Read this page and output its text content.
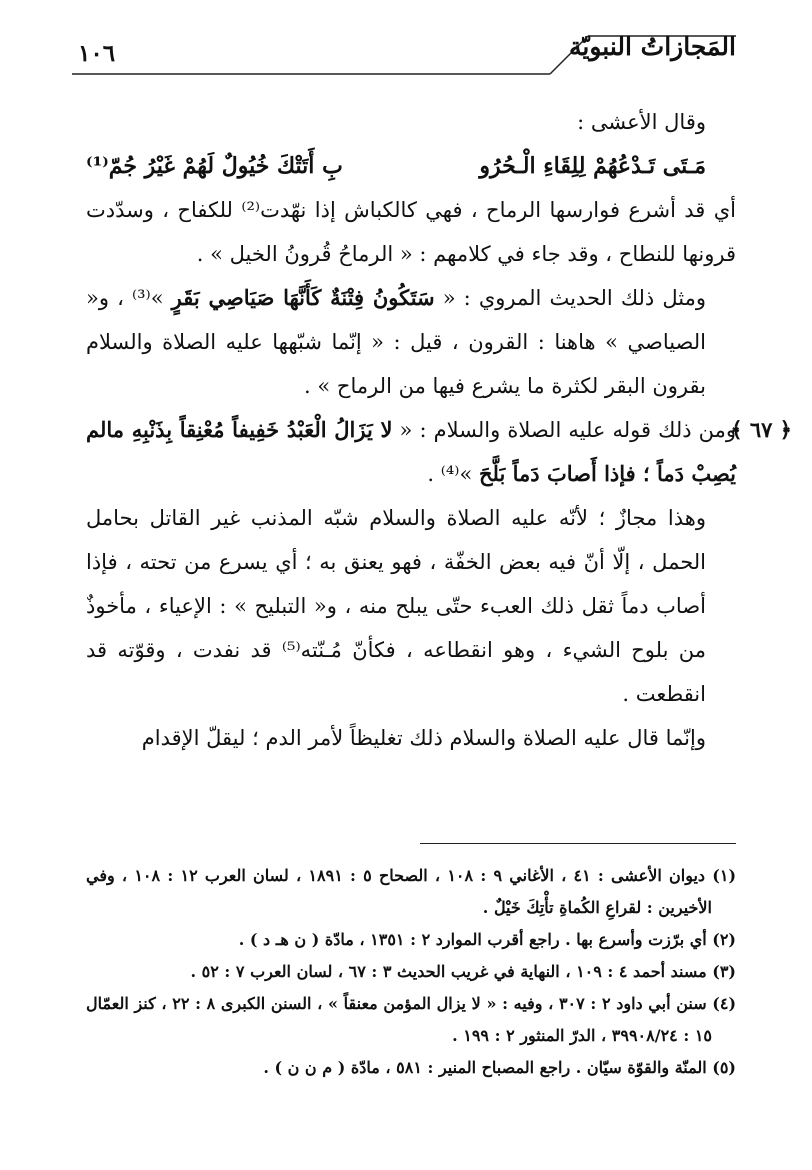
المَجازاتُ النبويّة
١٠٦

وقال الأعشى :

مَـتَى تَـدْعُهُمْ لِلِقَاءِ الْـحُرُو
بِ أَتَتْكَ خُيُولٌ لَهُمْ غَيْرُ جُمّ⁽¹⁾

أي قد أشرع فوارسها الرماح ، فهي كالكباش إذا نهّدت⁽²⁾ للكفاح ، وسدّدت قرونها للنطاح ، وقد جاء في كلامهم : « الرماحُ قُرونُ الخيل » .

ومثل ذلك الحديث المروي : « سَتَكُونُ فِتْنَةٌ كَأَنَّهَا صَيَاصِي بَقَرٍ »⁽³⁾ ، و« الصياصي » هاهنا : القرون ، قيل : « إنّما شبّهها عليه الصلاة والسلام بقرون البقر لكثرة ما يشرع فيها من الرماح » .

﴿ ٦٧ ﴾
ومن ذلك قوله عليه الصلاة والسلام : « لا يَزَالُ الْعَبْدُ خَفِيفاً مُعْنِقاً بِذَنْبِهِ مالم يُصِبْ دَماً ؛ فإذا أَصابَ دَماً بَلَّحَ »⁽⁴⁾ .

وهذا مجازٌ ؛ لأنّه عليه الصلاة والسلام شبّه المذنب غير القاتل بحامل الحمل ، إلّا أنّ فيه بعض الخفّة ، فهو يعنق به ؛ أي يسرع من تحته ، فإذا أصاب دماً ثقل ذلك العبء حتّى يبلح منه ، و« التبليح » : الإعياء ، مأخوذٌ من بلوح الشيء ، وهو انقطاعه ، فكأنّ مُـنّته⁽⁵⁾ قد نفدت ، وقوّته قد انقطعت .

وإنّما قال عليه الصلاة والسلام ذلك تغليظاً لأمر الدم ؛ ليقلّ الإقدام

(١) ديوان الأعشى : ٤١ ، الأغاني ٩ : ١٠٨ ، الصحاح ٥ : ١٨٩١ ، لسان العرب ١٢ : ١٠٨ ، وفي الأخيرين : لقراعِ الكُماةِ تأْتِكَ خَيْلٌ .

(٢) أي برّزت وأسرع بها . راجع أقرب الموارد ٢ : ١٣٥١ ، مادّة ( ن هـ د ) .

(٣) مسند أحمد ٤ : ١٠٩ ، النهاية في غريب الحديث ٣ : ٦٧ ، لسان العرب ٧ : ٥٢ .

(٤) سنن أبي داود ٢ : ٣٠٧ ، وفيه : « لا يزال المؤمن معنقاً » ، السنن الكبرى ٨ : ٢٢ ، كنز العمّال ١٥ : ٣٩٩٠٨/٢٤ ، الدرّ المنثور ٢ : ١٩٩ .

(٥) المنّة والقوّة سيّان . راجع المصباح المنير : ٥٨١ ، مادّة ( م ن ن ) .
